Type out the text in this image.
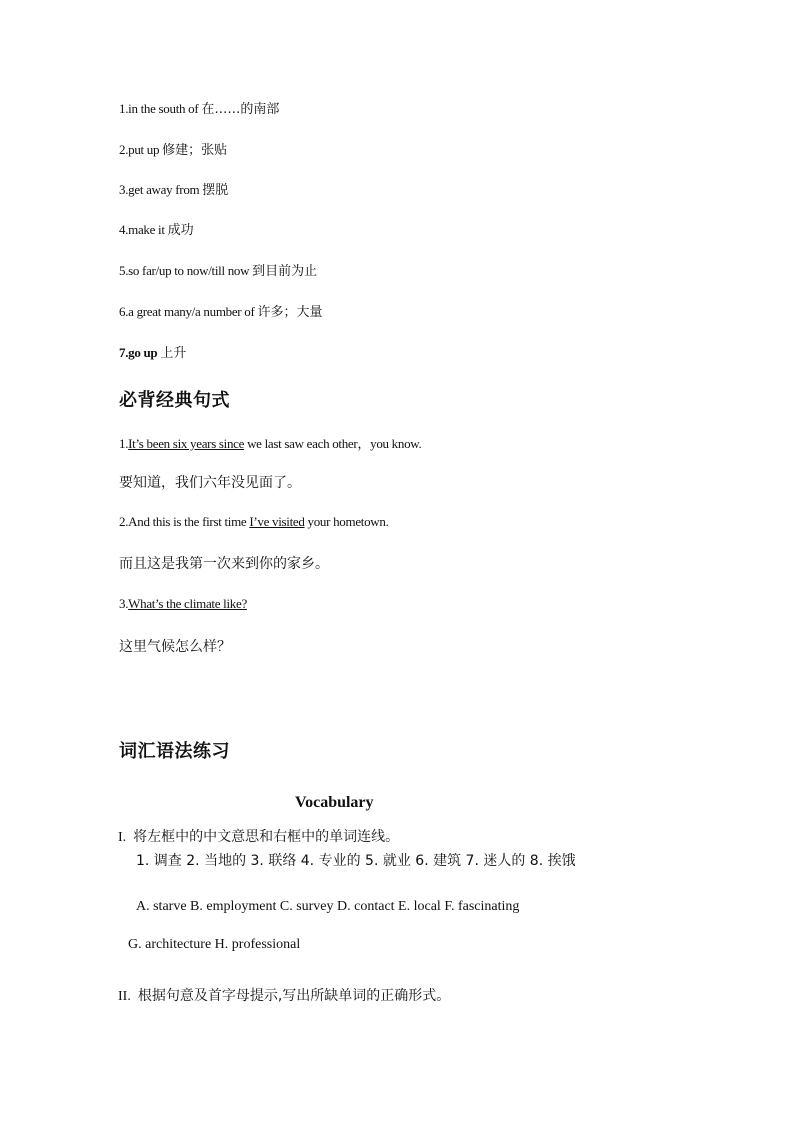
1.in the south of 在……的南部
2.put up 修建；张贴
3.get away from 摆脱
4.make it 成功
5.so far/up to now/till now 到目前为止
6.a great many/a number of 许多；大量
7.go up 上升
必背经典句式
1.It’s been six years since we last saw each other，you know.
要知道，我们六年没见面了。
2.And this is the first time I’ve visited your hometown.
而且这是我第一次来到你的家乡。
3.What’s the climate like?
这里气候怎么样？
词汇语法练习
Vocabulary
I. 将左框中的中文意思和右框中的单词连线。
1. 调查 2. 当地的 3. 联络 4. 专业的 5. 就业 6. 建筑 7. 迷人的 8. 挨饿
A. starve B. employment C. survey D. contact E. local F. fascinating
G. architecture H. professional
II. 根据句意及首字母提示,写出所缺单词的正确形式。
